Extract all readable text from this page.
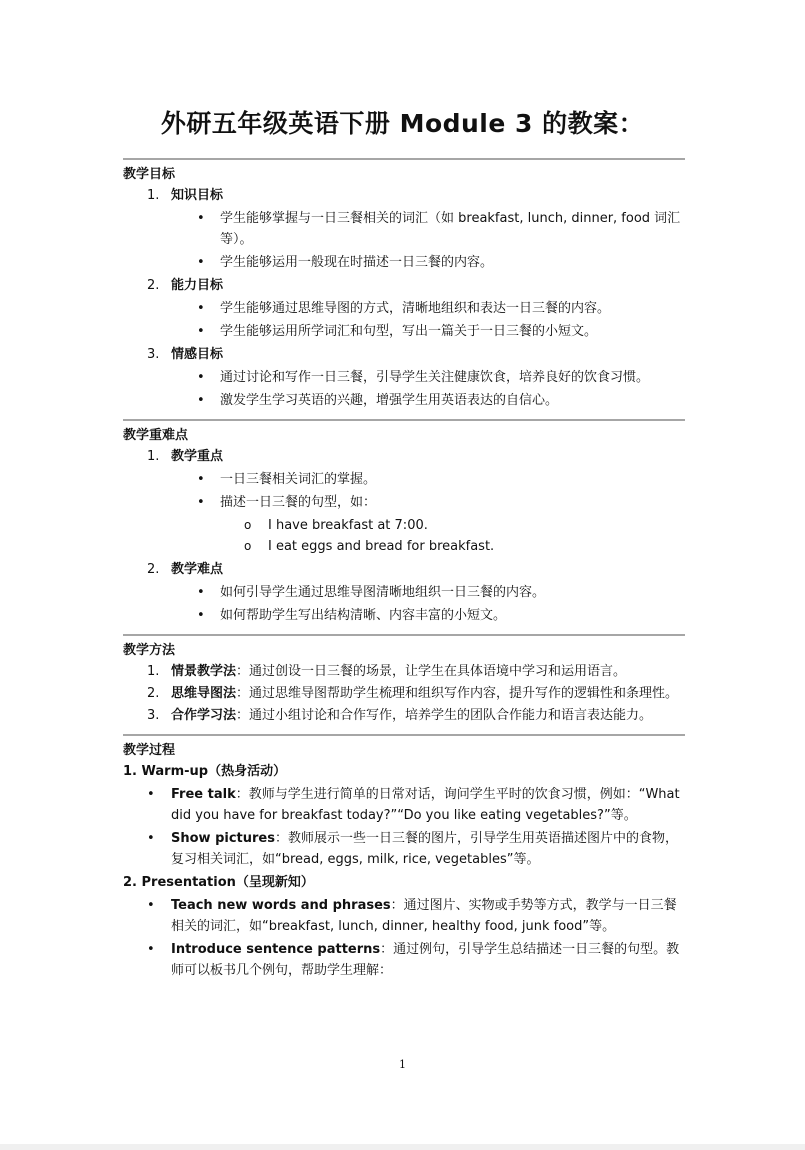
外研五年级英语下册 Module 3 的教案：
教学目标
1. 知识目标
• 学生能够掌握与一日三餐相关的词汇（如 breakfast, lunch, dinner, food 词汇等）。
• 学生能够运用一般现在时描述一日三餐的内容。
2. 能力目标
• 学生能够通过思维导图的方式，清晰地组织和表达一日三餐的内容。
• 学生能够运用所学词汇和句型，写出一篇关于一日三餐的小短文。
3. 情感目标
• 通过讨论和写作一日三餐，引导学生关注健康饮食，培养良好的饮食习惯。
• 激发学生学习英语的兴趣，增强学生用英语表达的自信心。
教学重难点
1. 教学重点
• 一日三餐相关词汇的掌握。
• 描述一日三餐的句型，如：
o I have breakfast at 7:00.
o I eat eggs and bread for breakfast.
2. 教学难点
• 如何引导学生通过思维导图清晰地组织一日三餐的内容。
• 如何帮助学生写出结构清晰、内容丰富的小短文。
教学方法
1. 情景教学法：通过创设一日三餐的场景，让学生在具体语境中学习和运用语言。
2. 思维导图法：通过思维导图帮助学生梳理和组织写作内容，提升写作的逻辑性和条理性。
3. 合作学习法：通过小组讨论和合作写作，培养学生的团队合作能力和语言表达能力。
教学过程
1. Warm-up（热身活动）
• Free talk：教师与学生进行简单的日常对话，询问学生平时的饮食习惯，例如：“What did you have for breakfast today?”“Do you like eating vegetables?”等。
• Show pictures：教师展示一些一日三餐的图片，引导学生用英语描述图片中的食物，复习相关词汇，如“bread, eggs, milk, rice, vegetables”等。
2. Presentation（呈现新知）
• Teach new words and phrases：通过图片、实物或手势等方式，教学与一日三餐相关的词汇，如“breakfast, lunch, dinner, healthy food, junk food”等。
• Introduce sentence patterns：通过例句，引导学生总结描述一日三餐的句型。教师可以板书几个例句，帮助学生理解：
1
